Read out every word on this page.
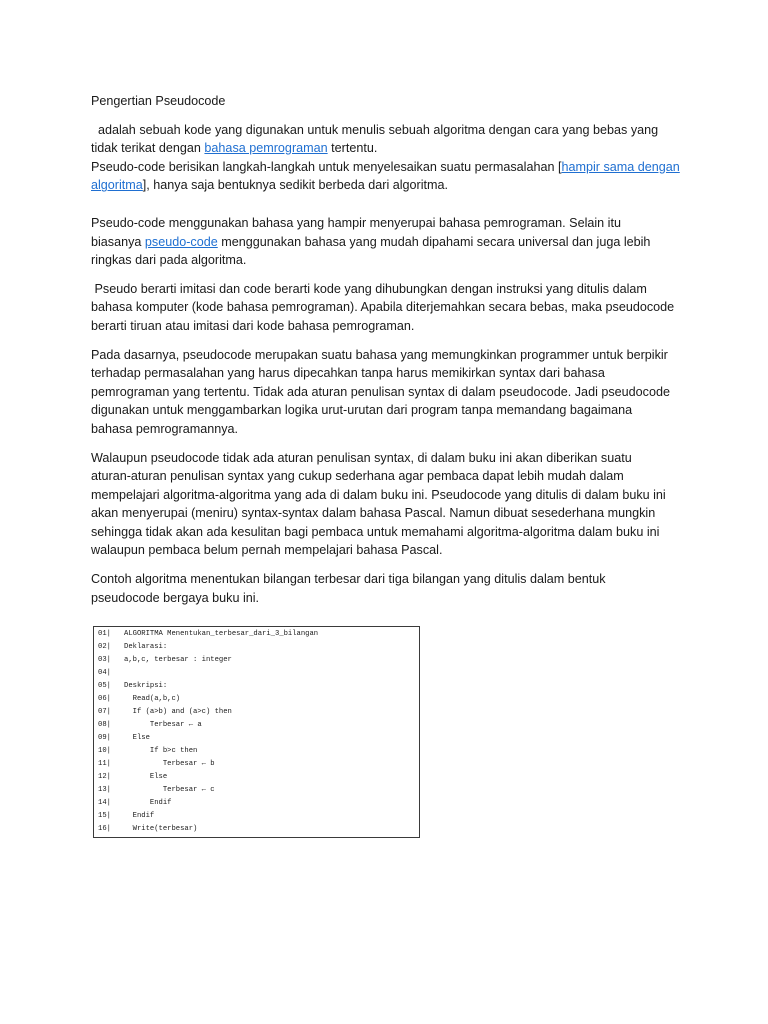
Pengertian Pseudocode

adalah sebuah kode yang digunakan untuk menulis sebuah algoritma dengan cara yang bebas yang

tidak terikat dengan bahasa pemrograman tertentu.

Pseudo-code berisikan langkah-langkah untuk menyelesaikan suatu permasalahan [hampir sama dengan

algoritma], hanya saja bentuknya sedikit berbeda dari algoritma.

Pseudo-code menggunakan bahasa yang hampir menyerupai bahasa pemrograman. Selain itu

biasanya pseudo-code menggunakan bahasa yang mudah dipahami secara universal dan juga lebih

ringkas dari pada algoritma.

Pseudo berarti imitasi dan code berarti kode yang dihubungkan dengan instruksi yang ditulis dalam

bahasa komputer (kode bahasa pemrograman). Apabila diterjemahkan secara bebas, maka pseudocode

berarti tiruan atau imitasi dari kode bahasa pemrograman.

Pada dasarnya, pseudocode merupakan suatu bahasa yang memungkinkan programmer untuk berpikir

terhadap permasalahan yang harus dipecahkan tanpa harus memikirkan syntax dari bahasa

pemrograman yang tertentu. Tidak ada aturan penulisan syntax di dalam pseudocode. Jadi pseudocode

digunakan untuk menggambarkan logika urut-urutan dari program tanpa memandang bagaimana

bahasa pemrogramannya.

Walaupun pseudocode tidak ada aturan penulisan syntax, di dalam buku ini akan diberikan suatu

aturan-aturan penulisan syntax yang cukup sederhana agar pembaca dapat lebih mudah dalam

mempelajari algoritma-algoritma yang ada di dalam buku ini. Pseudocode yang ditulis di dalam buku ini

akan menyerupai (meniru) syntax-syntax dalam bahasa Pascal. Namun dibuat sesederhana mungkin

sehingga tidak akan ada kesulitan bagi pembaca untuk memahami algoritma-algoritma dalam buku ini

walaupun pembaca belum pernah mempelajari bahasa Pascal.

Contoh algoritma menentukan bilangan terbesar dari tiga bilangan yang ditulis dalam bentuk

pseudocode bergaya buku ini.

01|	ALGORITMA Menentukan_terbesar_dari_3_bilangan
02|	Deklarasi:
03|	a,b,c, terbesar : integer
04|
05|	Deskripsi:
06|	Read(a,b,c)
07|	If (a>b) and (a>c) then
08|	Terbesar ← a
09|	Else
10|	If b>c then
11|	Terbesar ← b
12|	Else
13|	Terbesar ← c
14|	Endif
15|	Endif
16|	Write(terbesar)
